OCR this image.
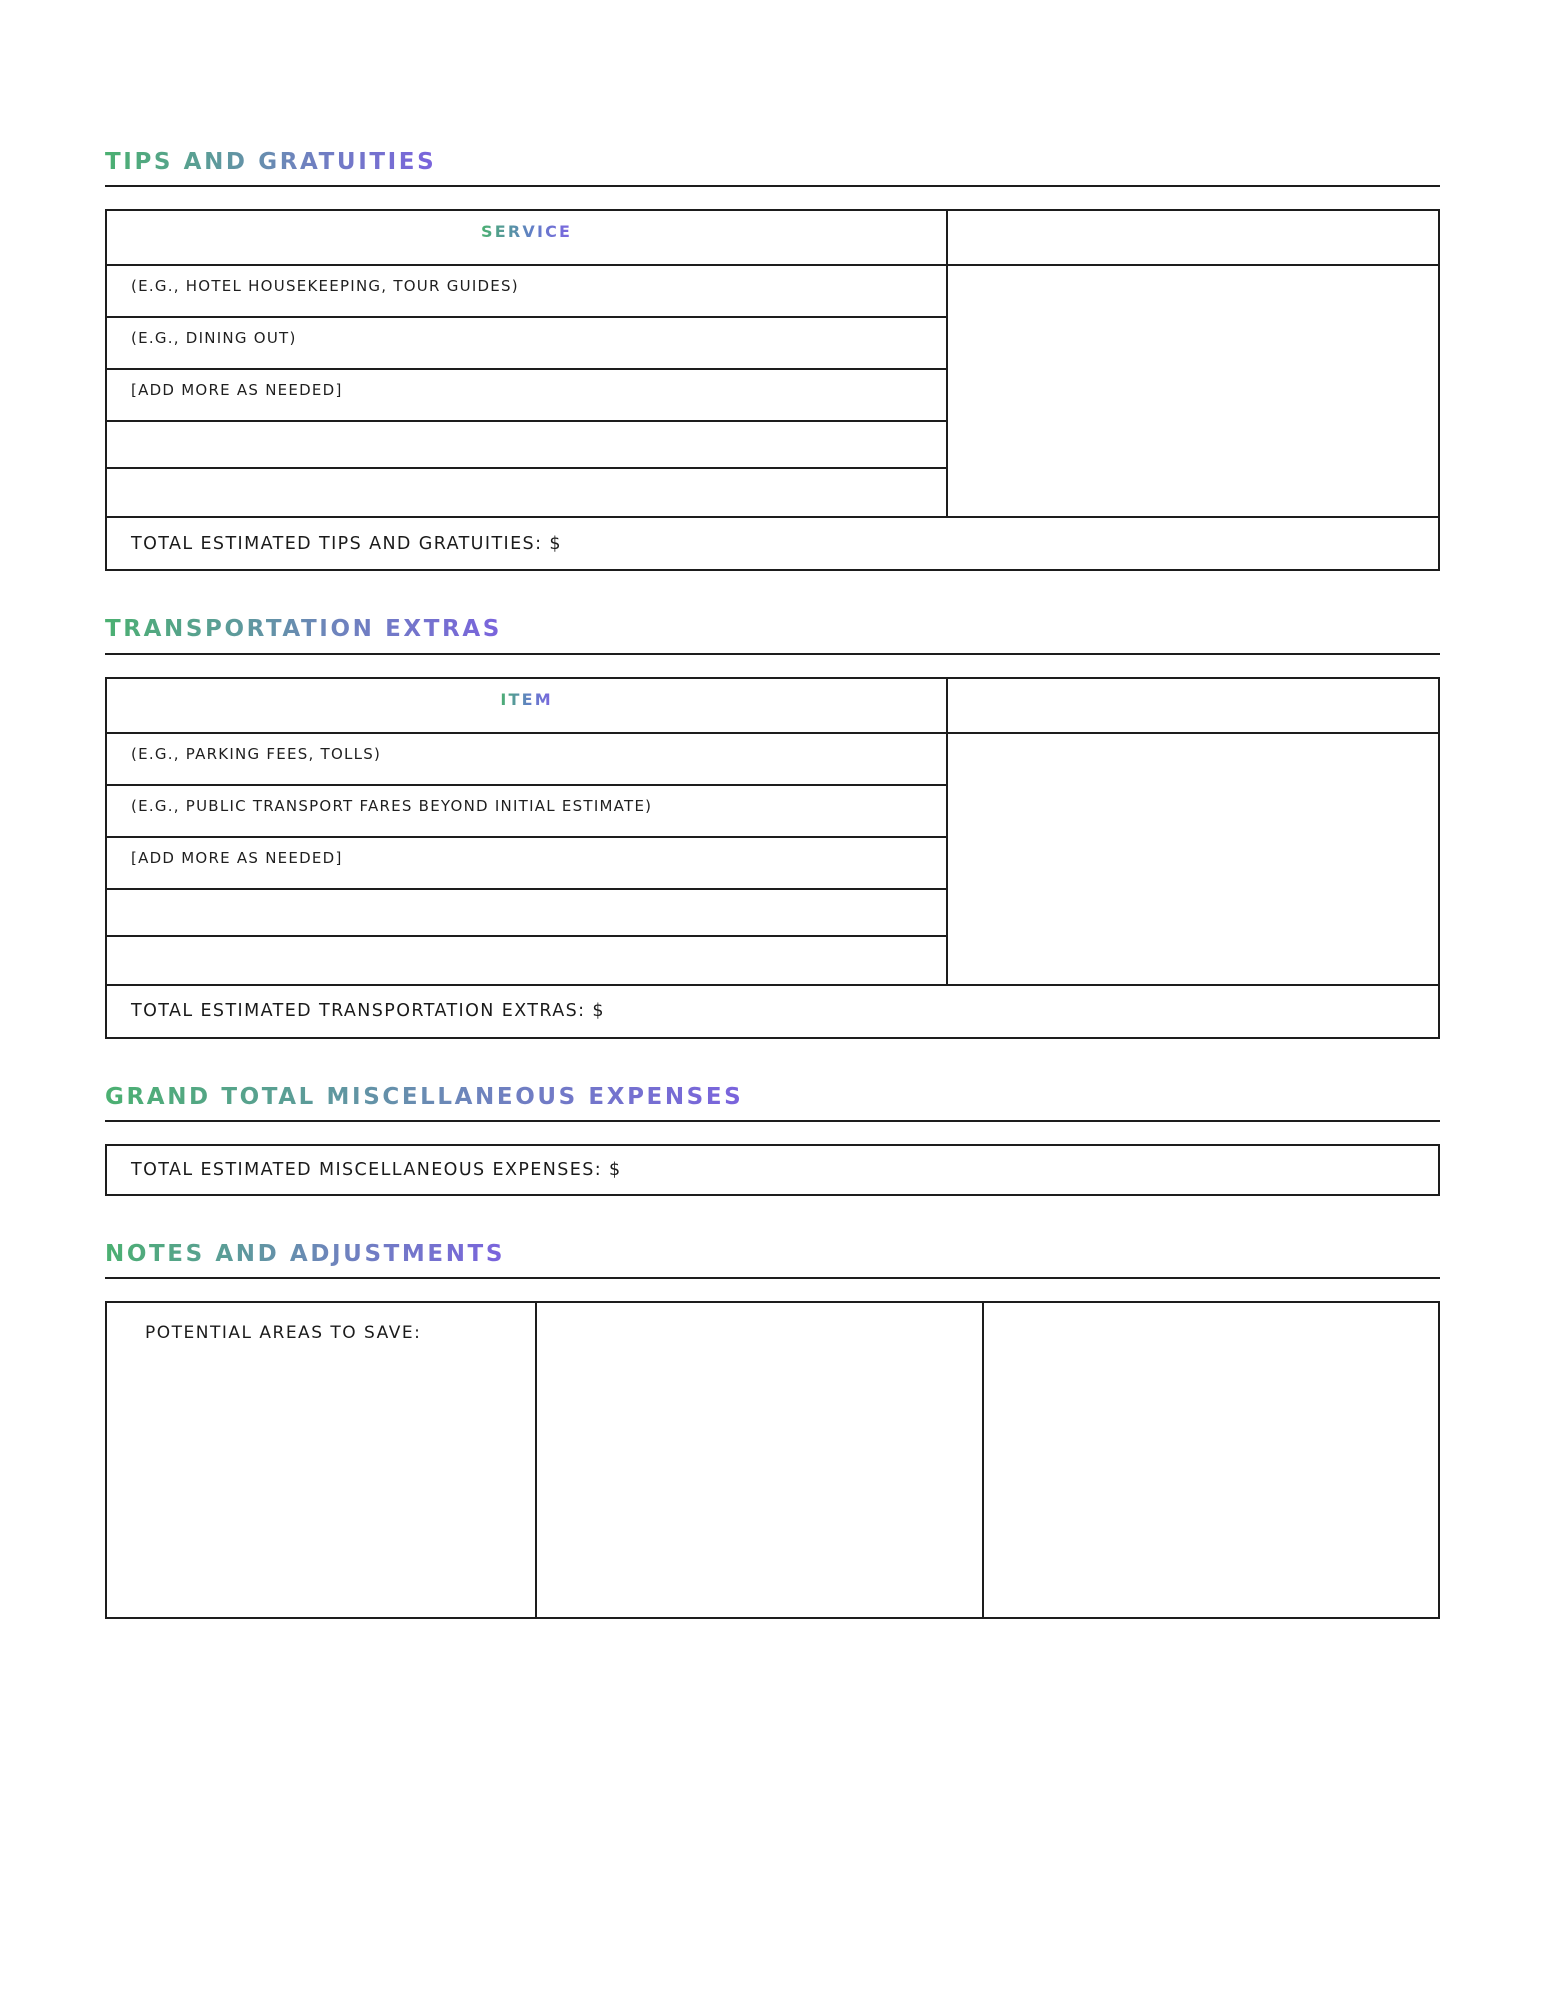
TIPS AND GRATUITIES
SERVICE
(E.G., HOTEL HOUSEKEEPING, TOUR GUIDES)
(E.G., DINING OUT)
[ADD MORE AS NEEDED]
TOTAL ESTIMATED TIPS AND GRATUITIES: $
TRANSPORTATION EXTRAS
ITEM
(E.G., PARKING FEES, TOLLS)
(E.G., PUBLIC TRANSPORT FARES BEYOND INITIAL ESTIMATE)
[ADD MORE AS NEEDED]
TOTAL ESTIMATED TRANSPORTATION EXTRAS: $
GRAND TOTAL MISCELLANEOUS EXPENSES
TOTAL ESTIMATED MISCELLANEOUS EXPENSES: $
NOTES AND ADJUSTMENTS
POTENTIAL AREAS TO SAVE:
